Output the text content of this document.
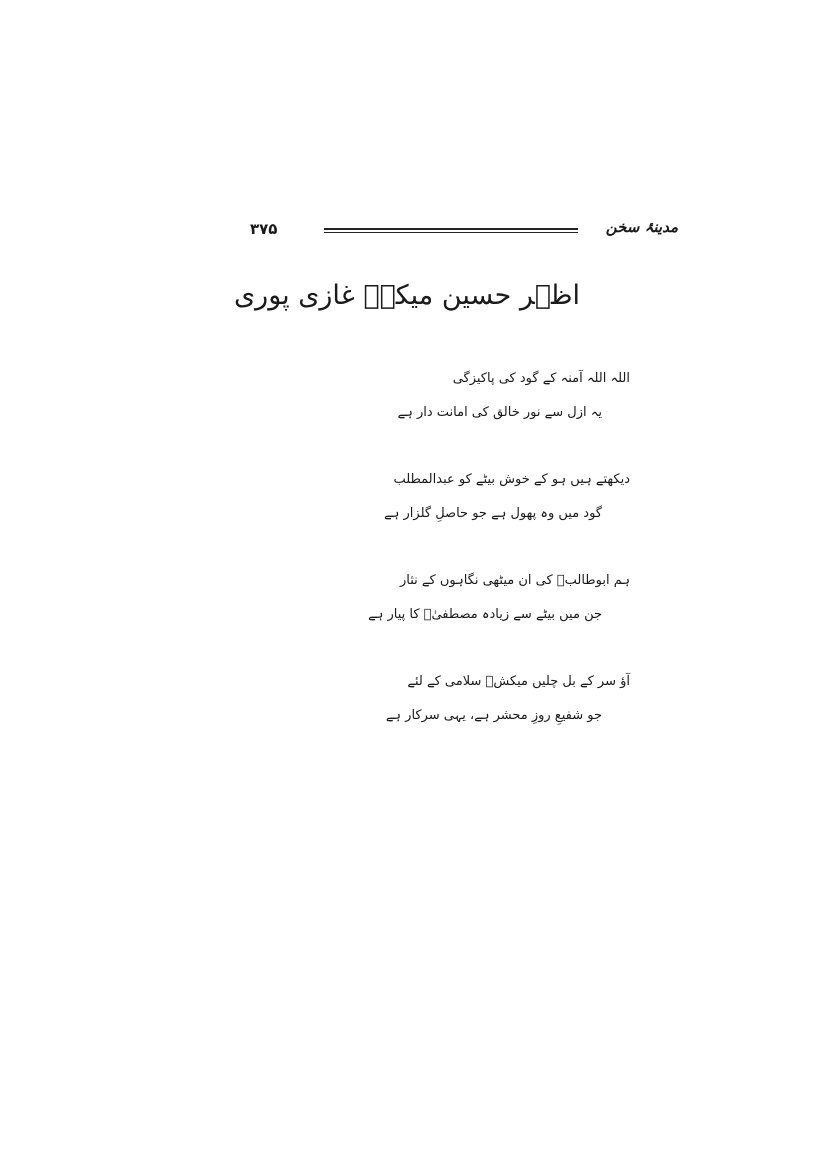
۳۷۵	مدینۂ سخن
اظہر حسین میکشؔ غازی پوری
اللہ اللہ آمنہ کے گود کی پاکیزگی
یہ ازل سے نور خالق کی امانت دار ہے
دیکھتے ہیں ہو کے خوش بیٹے کو عبدالمطلب
گود میں وہ پھول ہے جو حاصلِ گلزار ہے
ہم ابوطالبؑ کی ان میٹھی نگاہوں کے نثار
جن میں بیٹے سے زیادہ مصطفیٰؐ کا پیار ہے
آؤ سر کے بل چلیں میکشؔ سلامی کے لئے
جو شفیعِ روزِ محشر ہے، یہی سرکار ہے
